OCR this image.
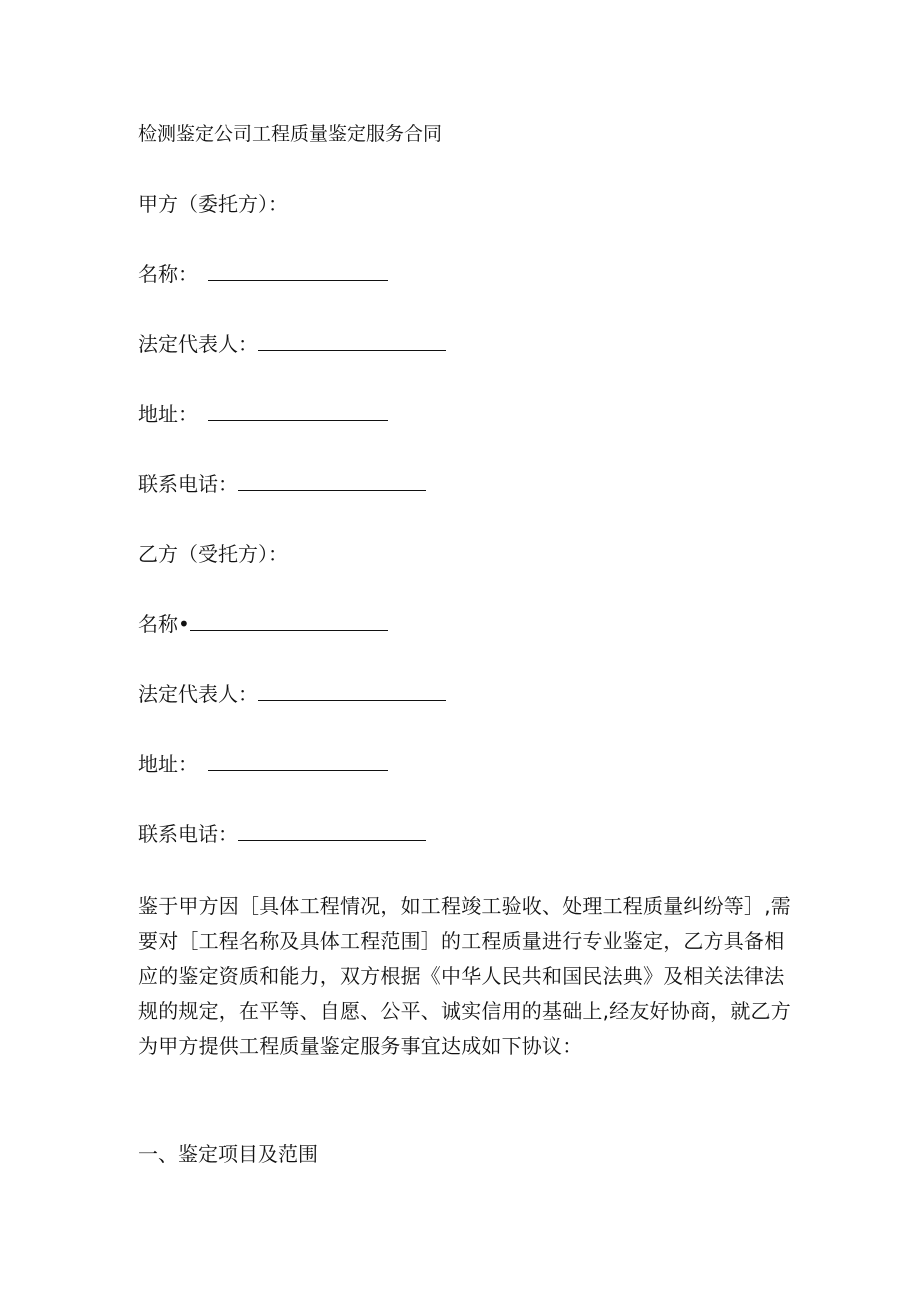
检测鉴定公司工程质量鉴定服务合同
甲方（委托方）：
名称：
法定代表人：
地址：
联系电话：
乙方（受托方）：
名称•
法定代表人：
地址：
联系电话：
鉴于甲方因［具体工程情况，如工程竣工验收、处理工程质量纠纷等］,需
要对［工程名称及具体工程范围］的工程质量进行专业鉴定，乙方具备相
应的鉴定资质和能力，双方根据《中华人民共和国民法典》及相关法律法
规的规定，在平等、自愿、公平、诚实信用的基础上,经友好协商，就乙方
为甲方提供工程质量鉴定服务事宜达成如下协议：
一、鉴定项目及范围
